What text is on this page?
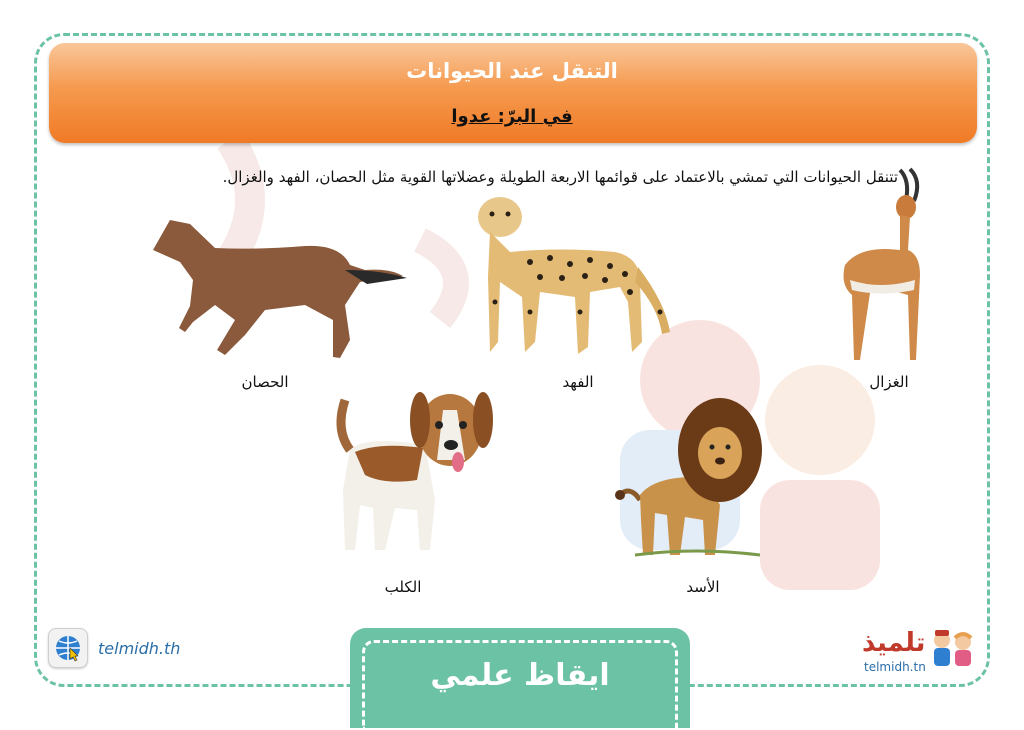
التنقل عند الحيوانات
في البرّ: عدوا
تتنقل الحيوانات التي تمشي بالاعتماد على قوائمها الاربعة الطويلة وعضلاتها القوية مثل الحصان، الفهد والغزال.
الحصان	الفهد	الغزال
الكلب	الأسد
telmidh.th
ايقاظ علمي
تلميذ
telmidh.tn
